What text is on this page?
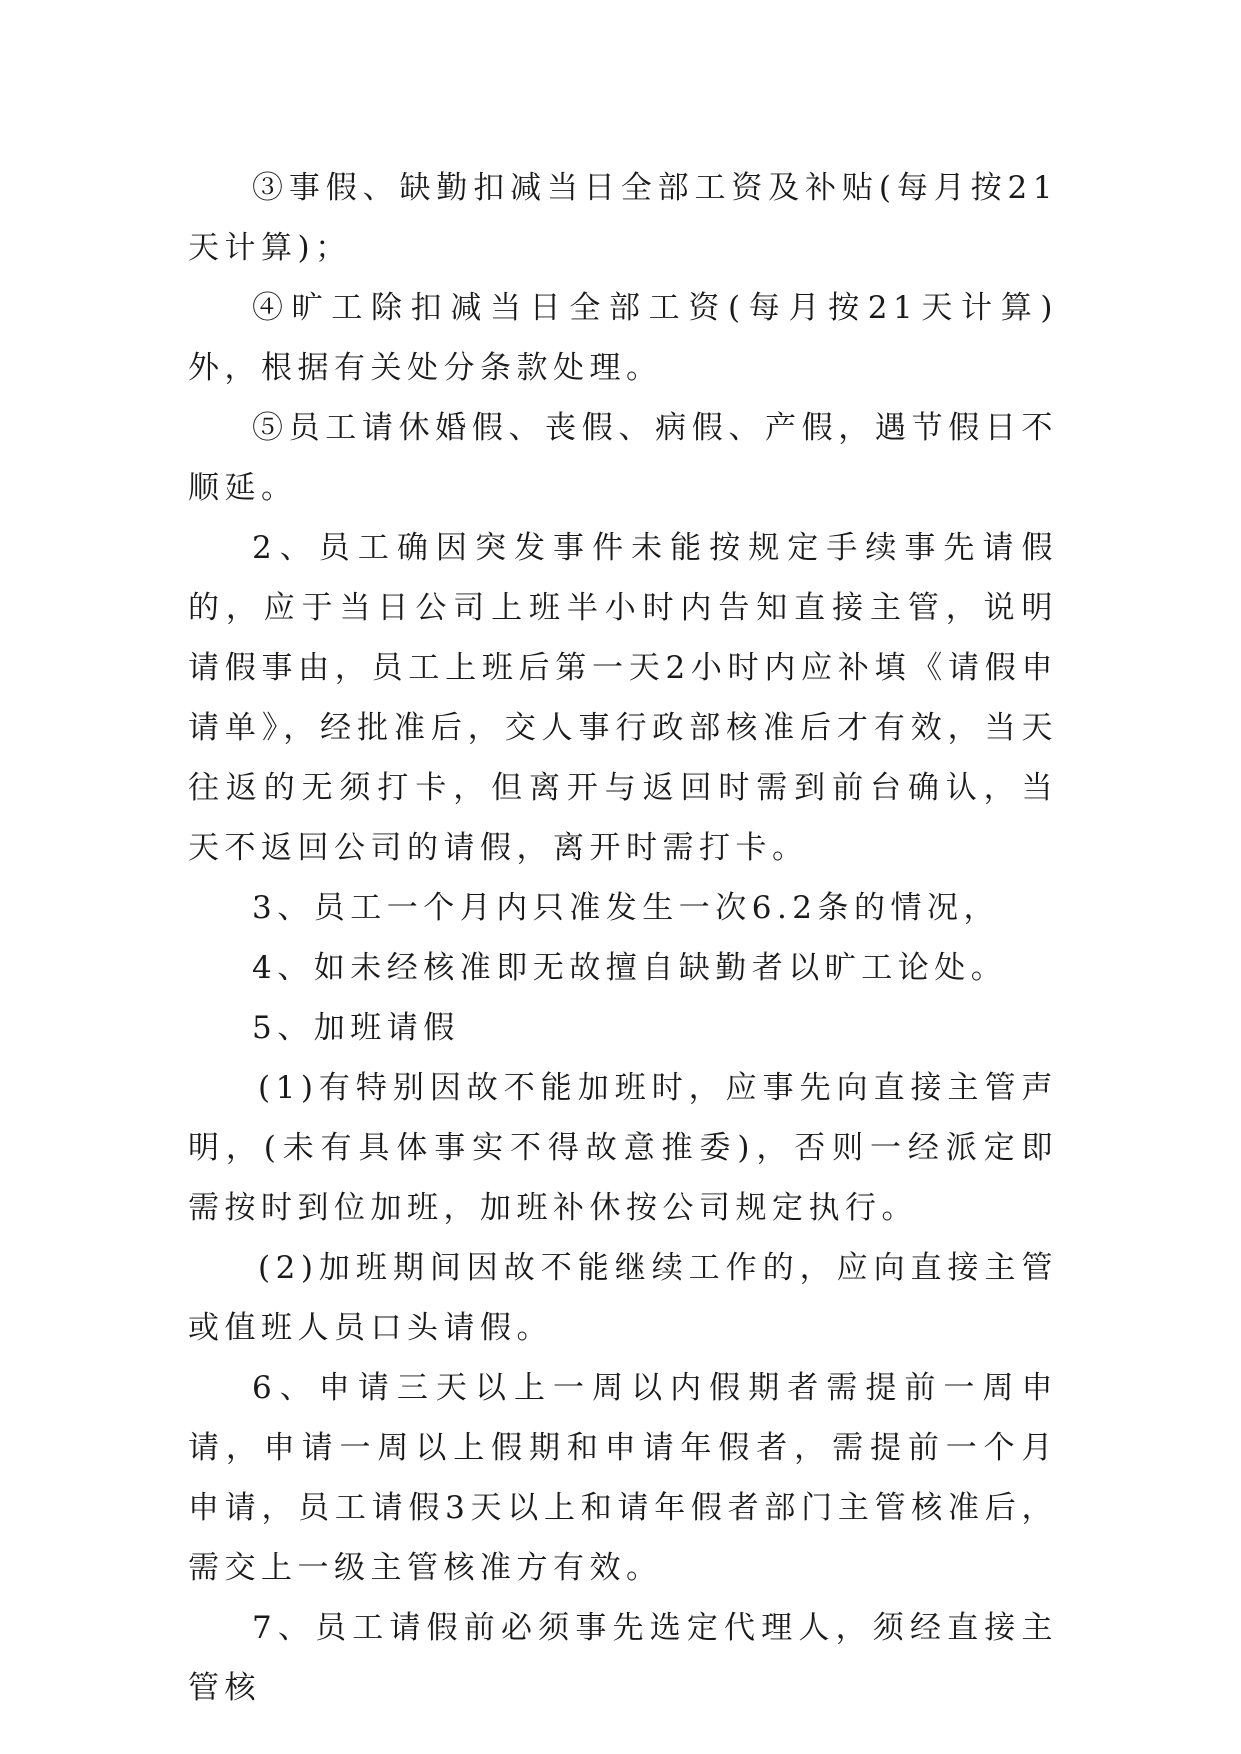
③事假、缺勤扣减当日全部工资及补贴(每月按21天计算)；

④旷工除扣减当日全部工资(每月按21天计算)外，根据有关处分条款处理。

⑤员工请休婚假、丧假、病假、产假，遇节假日不顺延。

2、员工确因突发事件未能按规定手续事先请假的，应于当日公司上班半小时内告知直接主管，说明请假事由，员工上班后第一天2小时内应补填《请假申请单》，经批准后，交人事行政部核准后才有效，当天往返的无须打卡，但离开与返回时需到前台确认，当天不返回公司的请假，离开时需打卡。

3、员工一个月内只准发生一次6.2条的情况，

4、如未经核准即无故擅自缺勤者以旷工论处。

5、加班请假

(1)有特别因故不能加班时，应事先向直接主管声明，(未有具体事实不得故意推委)，否则一经派定即需按时到位加班，加班补休按公司规定执行。

(2)加班期间因故不能继续工作的，应向直接主管或值班人员口头请假。

6、申请三天以上一周以内假期者需提前一周申请，申请一周以上假期和申请年假者，需提前一个月申请，员工请假3天以上和请年假者部门主管核准后，需交上一级主管核准方有效。

7、员工请假前必须事先选定代理人，须经直接主管核
